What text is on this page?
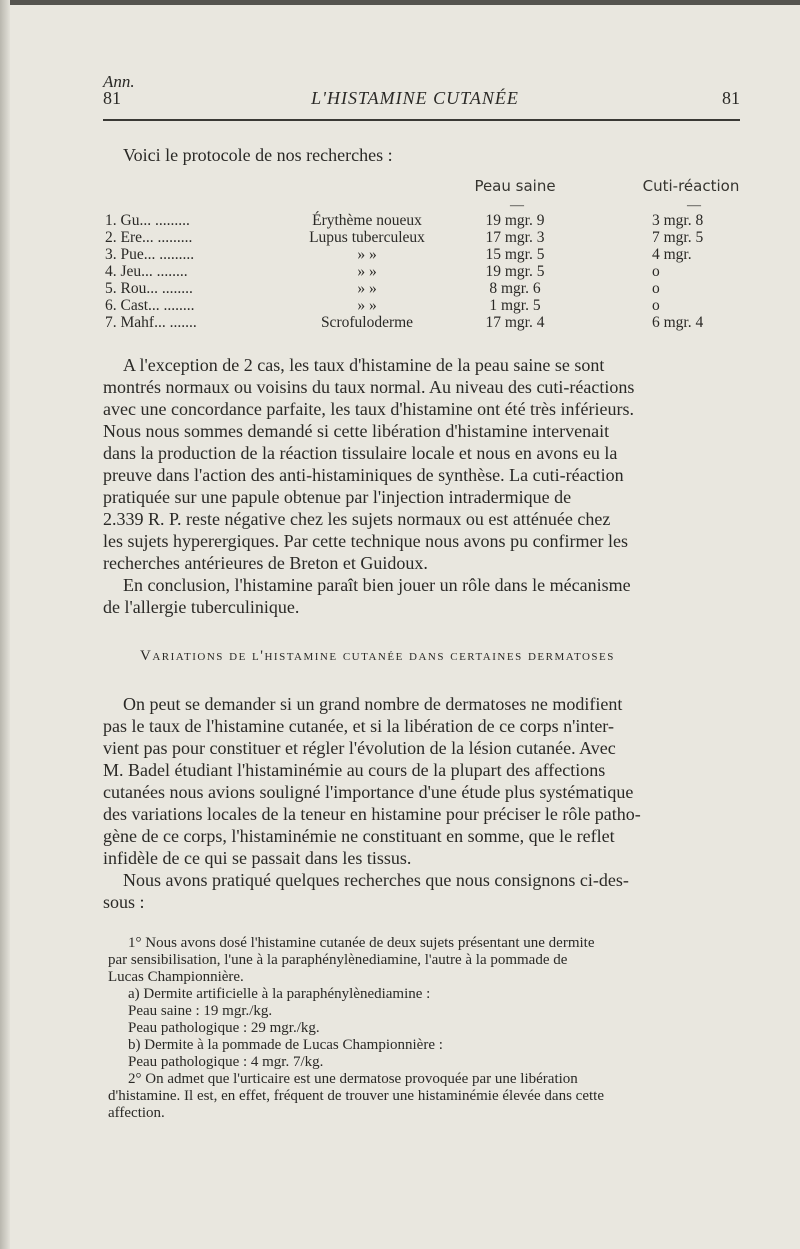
Ann.
81	L'HISTAMINE CUTANÉE	81
Voici le protocole de nos recherches :
Peau saine	Cuti-réaction
—	—
1. Gu... .........	Érythème noueux	19 mgr. 9	3 mgr. 8
2. Ere... .........	Lupus tuberculeux	17 mgr. 3	7 mgr. 5
3. Pue... .........	» »	15 mgr. 5	4 mgr.
4. Jeu... ........	» »	19 mgr. 5	o
5. Rou... ........	» »	8 mgr. 6	o
6. Cast... ........	» »	1 mgr. 5	o
7. Mahf... .......	Scrofuloderme	17 mgr. 4	6 mgr. 4
A l'exception de 2 cas, les taux d'histamine de la peau saine se sont
montrés normaux ou voisins du taux normal. Au niveau des cuti-réactions
avec une concordance parfaite, les taux d'histamine ont été très inférieurs.
Nous nous sommes demandé si cette libération d'histamine intervenait
dans la production de la réaction tissulaire locale et nous en avons eu la
preuve dans l'action des anti-histaminiques de synthèse. La cuti-réaction
pratiquée sur une papule obtenue par l'injection intradermique de
2.339 R. P. reste négative chez les sujets normaux ou est atténuée chez
les sujets hyperergiques. Par cette technique nous avons pu confirmer les
recherches antérieures de Breton et Guidoux.
En conclusion, l'histamine paraît bien jouer un rôle dans le mécanisme
de l'allergie tuberculinique.
Variations de l'histamine cutanée dans certaines dermatoses
On peut se demander si un grand nombre de dermatoses ne modifient
pas le taux de l'histamine cutanée, et si la libération de ce corps n'inter-
vient pas pour constituer et régler l'évolution de la lésion cutanée. Avec
M. Badel étudiant l'histaminémie au cours de la plupart des affections
cutanées nous avions souligné l'importance d'une étude plus systématique
des variations locales de la teneur en histamine pour préciser le rôle patho-
gène de ce corps, l'histaminémie ne constituant en somme, que le reflet
infidèle de ce qui se passait dans les tissus.
Nous avons pratiqué quelques recherches que nous consignons ci-des-
sous :
1° Nous avons dosé l'histamine cutanée de deux sujets présentant une dermite
par sensibilisation, l'une à la paraphénylènediamine, l'autre à la pommade de
Lucas Championnière.
a) Dermite artificielle à la paraphénylènediamine :
Peau saine : 19 mgr./kg.
Peau pathologique : 29 mgr./kg.
b) Dermite à la pommade de Lucas Championnière :
Peau pathologique : 4 mgr. 7/kg.
2° On admet que l'urticaire est une dermatose provoquée par une libération
d'histamine. Il est, en effet, fréquent de trouver une histaminémie élevée dans cette
affection.
